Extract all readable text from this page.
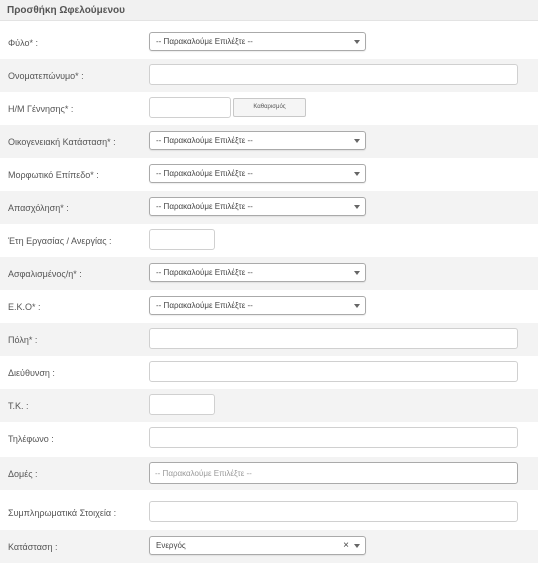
Προσθήκη Ωφελούμενου
Φύλο* :	-- Παρακαλούμε Επιλέξτε --
Ονοματεπώνυμο* :
Η/Μ Γέννησης* :	Καθαρισμός
Οικογενειακή Κατάσταση* :	-- Παρακαλούμε Επιλέξτε --
Μορφωτικό Επίπεδο* :	-- Παρακαλούμε Επιλέξτε --
Απασχόληση* :	-- Παρακαλούμε Επιλέξτε --
Έτη Εργασίας / Ανεργίας :
Ασφαλισμένος/η* :	-- Παρακαλούμε Επιλέξτε --
Ε.Κ.Ο* :	-- Παρακαλούμε Επιλέξτε --
Πόλη* :
Διεύθυνση :
Τ.Κ. :
Τηλέφωνο :
Δομές :	-- Παρακαλούμε Επιλέξτε --
Συμπληρωματικά Στοιχεία :
Κατάσταση :	Ενεργός	×
